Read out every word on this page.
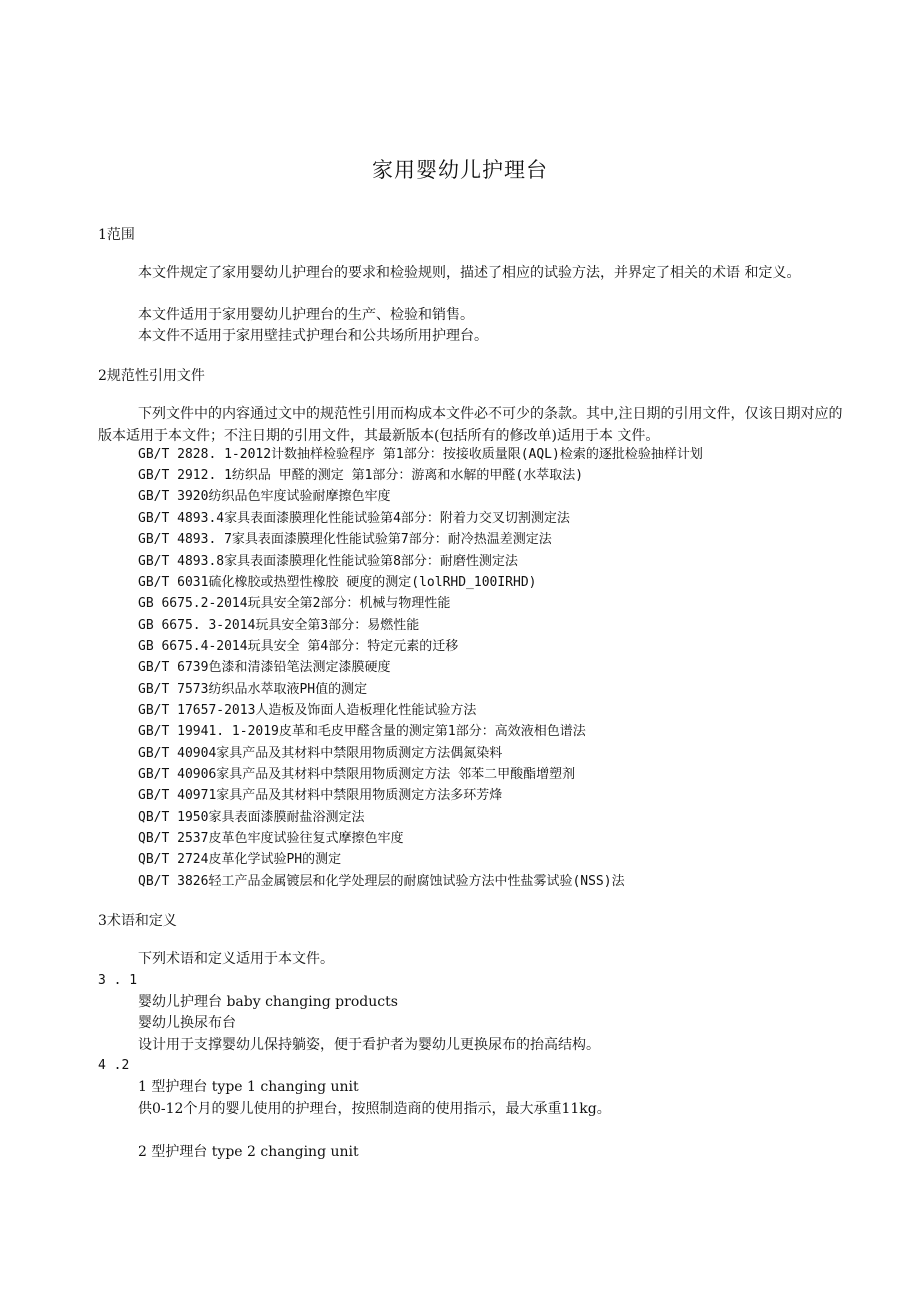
家用婴幼儿护理台
1范围
本文件规定了家用婴幼儿护理台的要求和检验规则，描述了相应的试验方法，并界定了相关的术语 和定义。
本文件适用于家用婴幼儿护理台的生产、检验和销售。
本文件不适用于家用壁挂式护理台和公共场所用护理台。
2规范性引用文件
下列文件中的内容通过文中的规范性引用而构成本文件必不可少的条款。其中,注日期的引用文件，仅该日期对应的版本适用于本文件；不注日期的引用文件，其最新版本(包括所有的修改单)适用于本 文件。
GB/T 2828. 1-2012计数抽样检验程序 第1部分：按接收质量限(AQL)检索的逐批检验抽样计划
GB/T 2912. 1纺织品 甲醛的测定 第1部分：游离和水解的甲醛(水萃取法)
GB/T 3920纺织品色牢度试验耐摩擦色牢度
GB/T 4893.4家具表面漆膜理化性能试验第4部分：附着力交叉切割测定法
GB/T 4893. 7家具表面漆膜理化性能试验第7部分：耐冷热温差测定法
GB/T 4893.8家具表面漆膜理化性能试验第8部分：耐磨性测定法
GB/T 6031硫化橡胶或热塑性橡胶 硬度的测定(lolRHD_100IRHD)
GB 6675.2-2014玩具安全第2部分：机械与物理性能
GB 6675. 3-2014玩具安全第3部分：易燃性能
GB 6675.4-2014玩具安全 第4部分：特定元素的迁移
GB/T 6739色漆和清漆铅笔法测定漆膜硬度
GB/T 7573纺织品水萃取液PH值的测定
GB/T 17657-2013人造板及饰面人造板理化性能试验方法
GB/T 19941. 1-2019皮革和毛皮甲醛含量的测定第1部分：高效液相色谱法
GB/T 40904家具产品及其材料中禁限用物质测定方法偶氮染料
GB/T 40906家具产品及其材料中禁限用物质测定方法 邻苯二甲酸酯增塑剂
GB/T 40971家具产品及其材料中禁限用物质测定方法多环芳烽
QB/T 1950家具表面漆膜耐盐浴测定法
QB/T 2537皮革色牢度试验往复式摩擦色牢度
QB/T 2724皮革化学试验PH的测定
QB/T 3826轻工产品金属镀层和化学处理层的耐腐蚀试验方法中性盐雾试验(NSS)法
3术语和定义
下列术语和定义适用于本文件。
3 . 1
婴幼儿护理台 baby changing products
婴幼儿换尿布台
设计用于支撑婴幼儿保持躺姿，便于看护者为婴幼儿更换尿布的抬高结构。
4 .2
1 型护理台 type 1 changing unit
供0-12个月的婴儿使用的护理台，按照制造商的使用指示，最大承重11kg。
2 型护理台 type 2 changing unit
